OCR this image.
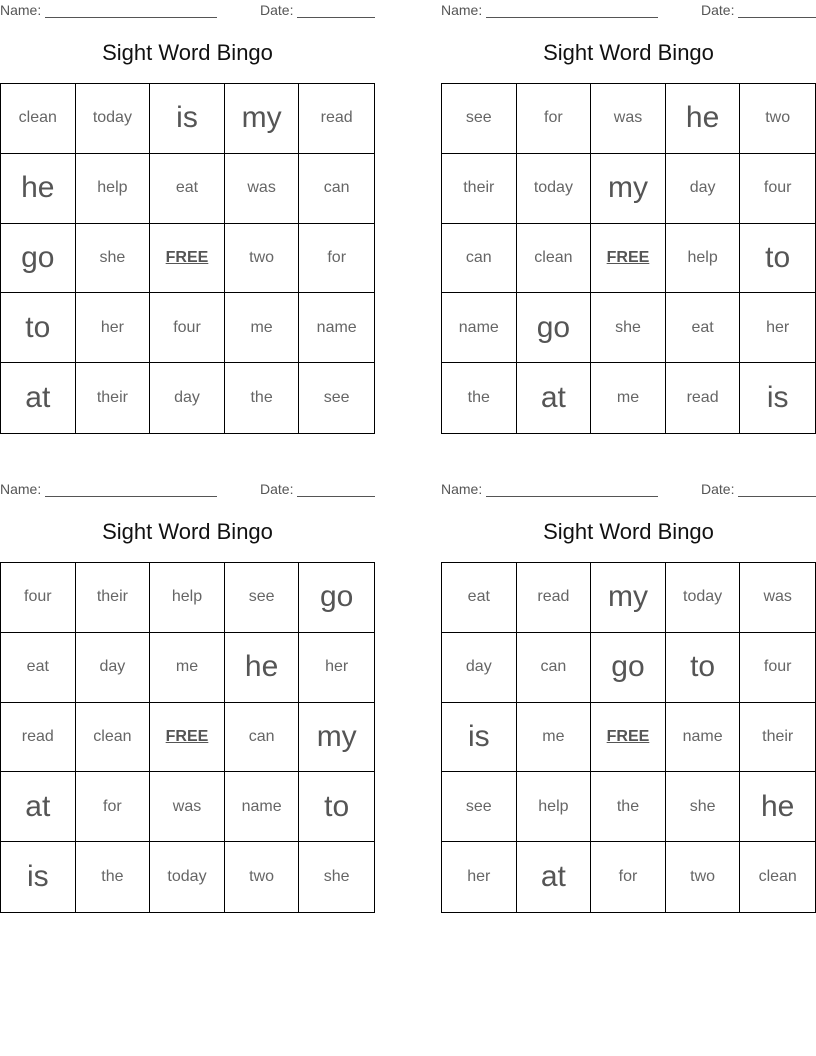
Name:	Date:
Sight Word Bingo
clean	today	is	my	read
he	help	eat	was	can
go	she	FREE	two	for
to	her	four	me	name
at	their	day	the	see
Name:	Date:
Sight Word Bingo
see	for	was	he	two
their	today	my	day	four
can	clean	FREE	help	to
name	go	she	eat	her
the	at	me	read	is
Name:	Date:
Sight Word Bingo
four	their	help	see	go
eat	day	me	he	her
read	clean	FREE	can	my
at	for	was	name	to
is	the	today	two	she
Name:	Date:
Sight Word Bingo
eat	read	my	today	was
day	can	go	to	four
is	me	FREE	name	their
see	help	the	she	he
her	at	for	two	clean
